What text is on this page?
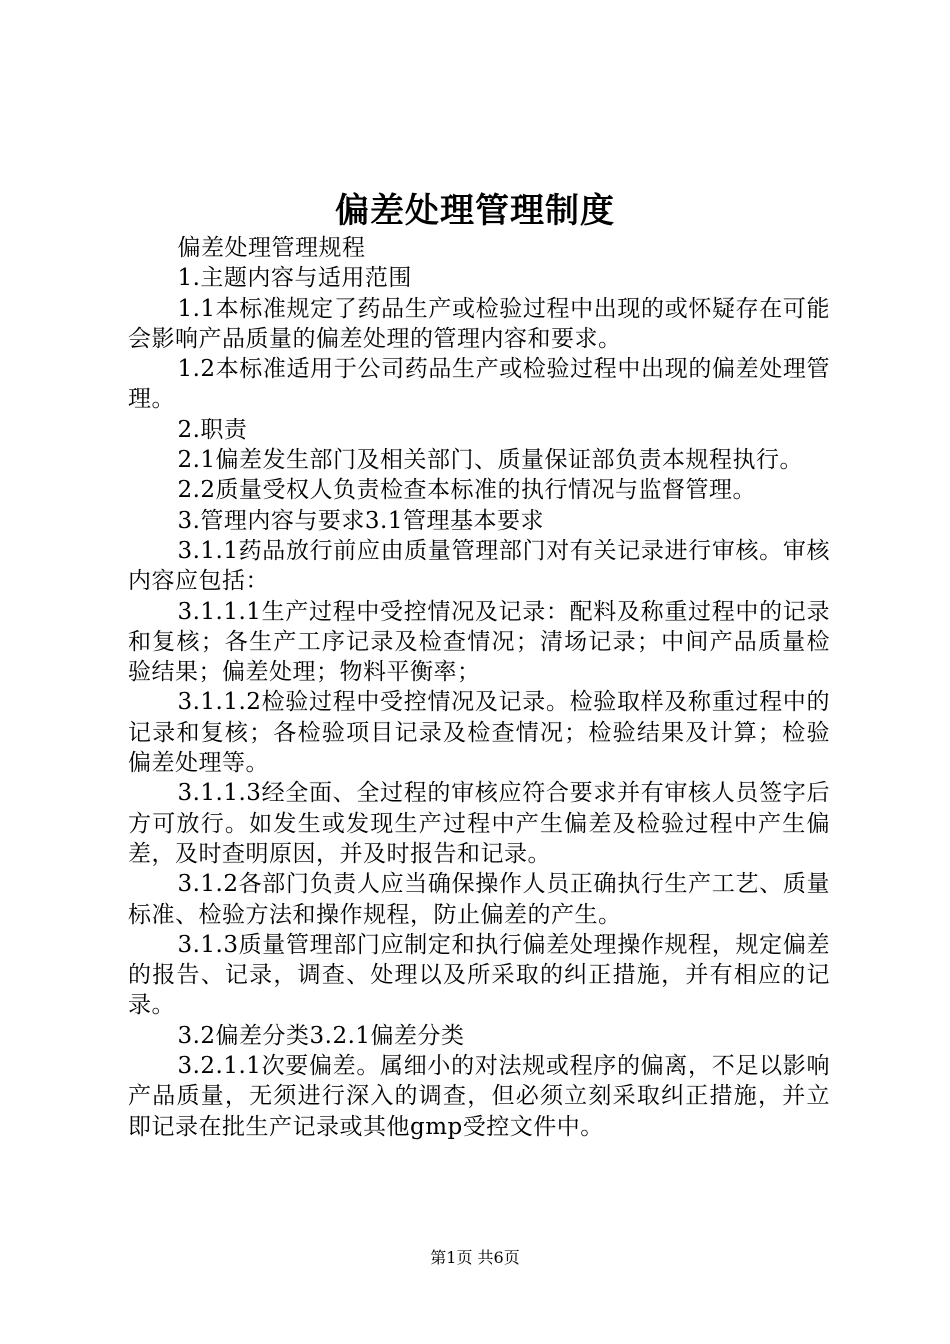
偏差处理管理制度

偏差处理管理规程

1.主题内容与适用范围

1.1本标准规定了药品生产或检验过程中出现的或怀疑存在可能会影响产品质量的偏差处理的管理内容和要求。

1.2本标准适用于公司药品生产或检验过程中出现的偏差处理管理。

2.职责

2.1偏差发生部门及相关部门、质量保证部负责本规程执行。

2.2质量受权人负责检查本标准的执行情况与监督管理。

3.管理内容与要求3.1管理基本要求

3.1.1药品放行前应由质量管理部门对有关记录进行审核。审核内容应包括：

3.1.1.1生产过程中受控情况及记录：配料及称重过程中的记录和复核；各生产工序记录及检查情况；清场记录；中间产品质量检验结果；偏差处理；物料平衡率；

3.1.1.2检验过程中受控情况及记录。检验取样及称重过程中的记录和复核；各检验项目记录及检查情况；检验结果及计算；检验偏差处理等。

3.1.1.3经全面、全过程的审核应符合要求并有审核人员签字后方可放行。如发生或发现生产过程中产生偏差及检验过程中产生偏差，及时查明原因，并及时报告和记录。

3.1.2各部门负责人应当确保操作人员正确执行生产工艺、质量标准、检验方法和操作规程，防止偏差的产生。

3.1.3质量管理部门应制定和执行偏差处理操作规程，规定偏差的报告、记录，调查、处理以及所采取的纠正措施，并有相应的记录。

3.2偏差分类3.2.1偏差分类

3.2.1.1次要偏差。属细小的对法规或程序的偏离，不足以影响产品质量，无须进行深入的调查，但必须立刻采取纠正措施，并立即记录在批生产记录或其他gmp受控文件中。

第1页 共6页
